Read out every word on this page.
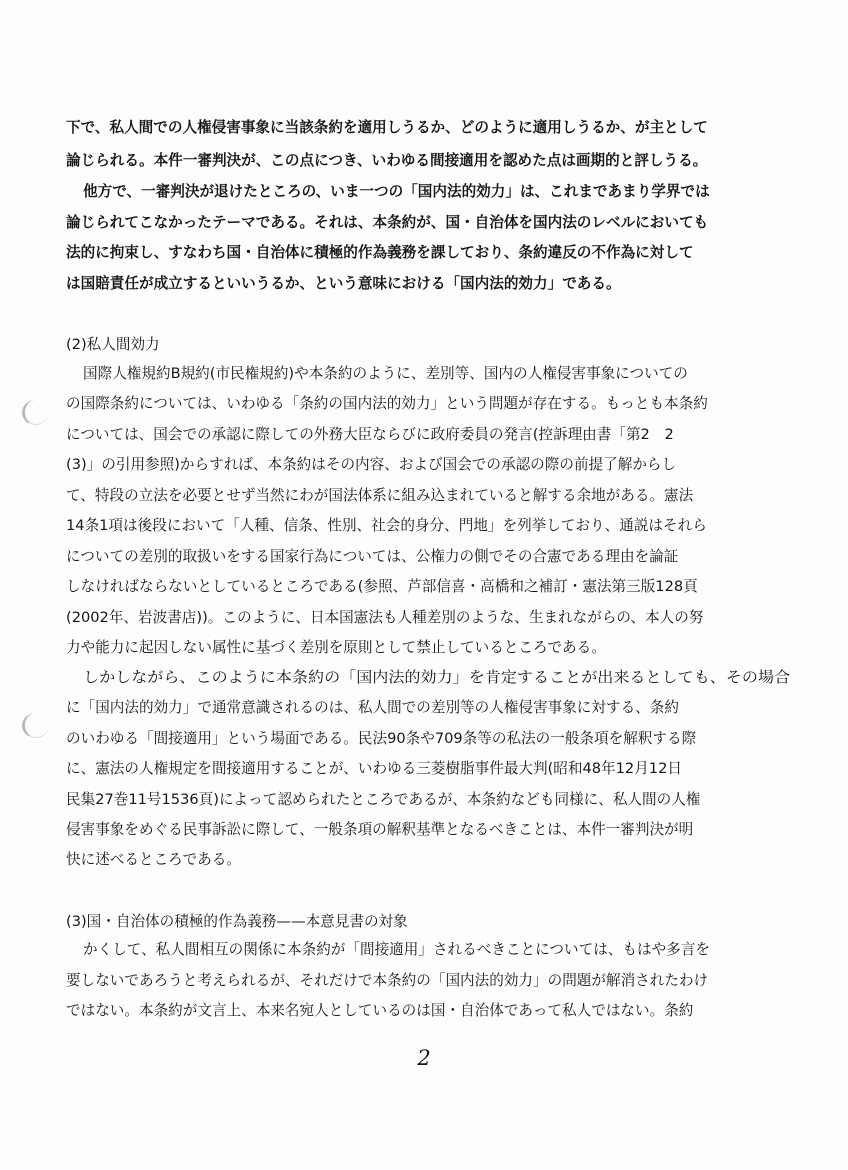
下で、私人間での人権侵害事象に当該条約を適用しうるか、どのように適用しうるか、が主として
論じられる。本件一審判決が、この点につき、いわゆる間接適用を認めた点は画期的と評しうる。
他方で、一審判決が退けたところの、いま一つの「国内法的効力」は、これまであまり学界では
論じられてこなかったテーマである。それは、本条約が、国・自治体を国内法のレベルにおいても
法的に拘束し、すなわち国・自治体に積極的作為義務を課しており、条約違反の不作為に対して
は国賠責任が成立するといいうるか、という意味における「国内法的効力」である。
(2)私人間効力
国際人権規約B規約(市民権規約)や本条約のように、差別等、国内の人権侵害事象についての
の国際条約については、いわゆる「条約の国内法的効力」という問題が存在する。もっとも本条約
については、国会での承認に際しての外務大臣ならびに政府委員の発言(控訴理由書「第2　2
(3)」の引用参照)からすれば、本条約はその内容、および国会での承認の際の前提了解からし
て、特段の立法を必要とせず当然にわが国法体系に組み込まれていると解する余地がある。憲法
14条1項は後段において「人種、信条、性別、社会的身分、門地」を列挙しており、通説はそれら
についての差別的取扱いをする国家行為については、公権力の側でその合憲である理由を論証
しなければならないとしているところである(参照、芦部信喜・高橋和之補訂・憲法第三版128頁
(2002年、岩波書店))。このように、日本国憲法も人種差別のような、生まれながらの、本人の努
力や能力に起因しない属性に基づく差別を原則として禁止しているところである。
しかしながら、このように本条約の「国内法的効力」を肯定することが出来るとしても、その場合
に「国内法的効力」で通常意識されるのは、私人間での差別等の人権侵害事象に対する、条約
のいわゆる「間接適用」という場面である。民法90条や709条等の私法の一般条項を解釈する際
に、憲法の人権規定を間接適用することが、いわゆる三菱樹脂事件最大判(昭和48年12月12日
民集27巻11号1536頁)によって認められたところであるが、本条約なども同様に、私人間の人権
侵害事象をめぐる民事訴訟に際して、一般条項の解釈基準となるべきことは、本件一審判決が明
快に述べるところである。
(3)国・自治体の積極的作為義務——本意見書の対象
かくして、私人間相互の関係に本条約が「間接適用」されるべきことについては、もはや多言を
要しないであろうと考えられるが、それだけで本条約の「国内法的効力」の問題が解消されたわけ
ではない。本条約が文言上、本来名宛人としているのは国・自治体であって私人ではない。条約
2
